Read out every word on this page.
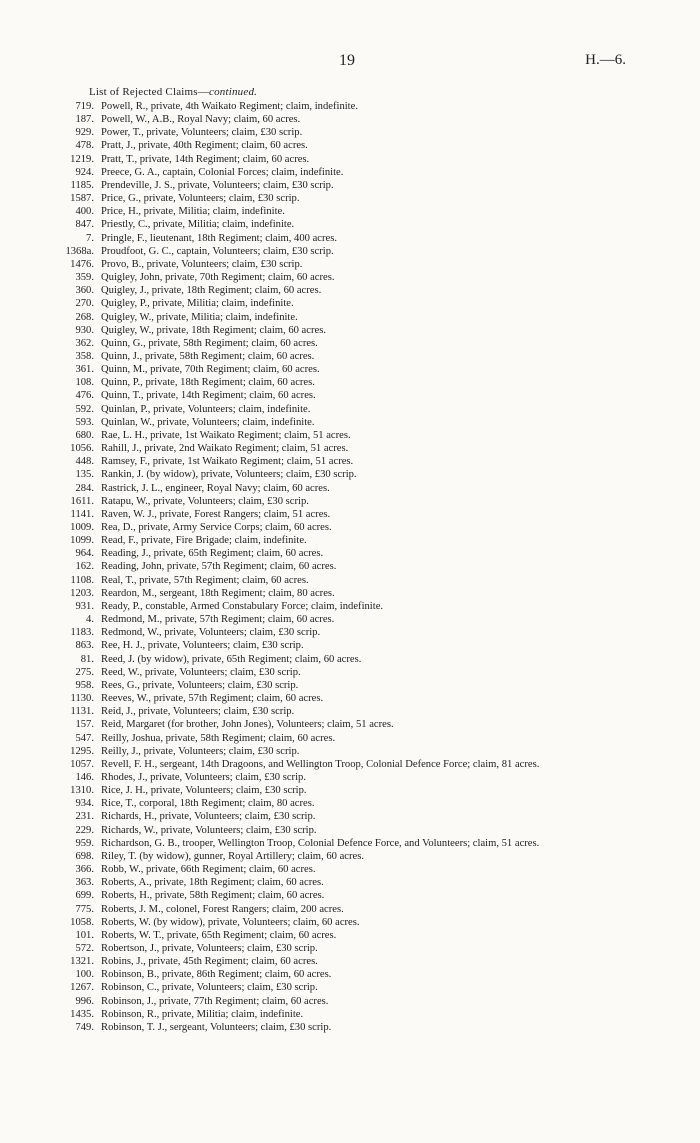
19	H.—6.
List of Rejected Claims—continued.
719. Powell, R., private, 4th Waikato Regiment; claim, indefinite.
187. Powell, W., A.B., Royal Navy; claim, 60 acres.
929. Power, T., private, Volunteers; claim, £30 scrip.
478. Pratt, J., private, 40th Regiment; claim, 60 acres.
1219. Pratt, T., private, 14th Regiment; claim, 60 acres.
924. Preece, G. A., captain, Colonial Forces; claim, indefinite.
1185. Prendeville, J. S., private, Volunteers; claim, £30 scrip.
1587. Price, G., private, Volunteers; claim, £30 scrip.
400. Price, H., private, Militia; claim, indefinite.
847. Priestly, C., private, Militia; claim, indefinite.
7. Pringle, F., lieutenant, 18th Regiment; claim, 400 acres.
1368a. Proudfoot, G. C., captain, Volunteers; claim, £30 scrip.
1476. Provo, B., private, Volunteers; claim, £30 scrip.
359. Quigley, John, private, 70th Regiment; claim, 60 acres.
360. Quigley, J., private, 18th Regiment; claim, 60 acres.
270. Quigley, P., private, Militia; claim, indefinite.
268. Quigley, W., private, Militia; claim, indefinite.
930. Quigley, W., private, 18th Regiment; claim, 60 acres.
362. Quinn, G., private, 58th Regiment; claim, 60 acres.
358. Quinn, J., private, 58th Regiment; claim, 60 acres.
361. Quinn, M., private, 70th Regiment; claim, 60 acres.
108. Quinn, P., private, 18th Regiment; claim, 60 acres.
476. Quinn, T., private, 14th Regiment; claim, 60 acres.
592. Quinlan, P., private, Volunteers; claim, indefinite.
593. Quinlan, W., private, Volunteers; claim, indefinite.
680. Rae, L. H., private, 1st Waikato Regiment; claim, 51 acres.
1056. Rahill, J., private, 2nd Waikato Regiment; claim, 51 acres.
448. Ramsey, F., private, 1st Waikato Regiment; claim, 51 acres.
135. Rankin, J. (by widow), private, Volunteers; claim, £30 scrip.
284. Rastrick, J. L., engineer, Royal Navy; claim, 60 acres.
1611. Ratapu, W., private, Volunteers; claim, £30 scrip.
1141. Raven, W. J., private, Forest Rangers; claim, 51 acres.
1009. Rea, D., private, Army Service Corps; claim, 60 acres.
1099. Read, F., private, Fire Brigade; claim, indefinite.
964. Reading, J., private, 65th Regiment; claim, 60 acres.
162. Reading, John, private, 57th Regiment; claim, 60 acres.
1108. Real, T., private, 57th Regiment; claim, 60 acres.
1203. Reardon, M., sergeant, 18th Regiment; claim, 80 acres.
931. Ready, P., constable, Armed Constabulary Force; claim, indefinite.
4. Redmond, M., private, 57th Regiment; claim, 60 acres.
1183. Redmond, W., private, Volunteers; claim, £30 scrip.
863. Ree, H. J., private, Volunteers; claim, £30 scrip.
81. Reed, J. (by widow), private, 65th Regiment; claim, 60 acres.
275. Reed, W., private, Volunteers; claim, £30 scrip.
958. Rees, G., private, Volunteers; claim, £30 scrip.
1130. Reeves, W., private, 57th Regiment; claim, 60 acres.
1131. Reid, J., private, Volunteers; claim, £30 scrip.
157. Reid, Margaret (for brother, John Jones), Volunteers; claim, 51 acres.
547. Reilly, Joshua, private, 58th Regiment; claim, 60 acres.
1295. Reilly, J., private, Volunteers; claim, £30 scrip.
1057. Revell, F. H., sergeant, 14th Dragoons, and Wellington Troop, Colonial Defence Force; claim, 81 acres.
146. Rhodes, J., private, Volunteers; claim, £30 scrip.
1310. Rice, J. H., private, Volunteers; claim, £30 scrip.
934. Rice, T., corporal, 18th Regiment; claim, 80 acres.
231. Richards, H., private, Volunteers; claim, £30 scrip.
229. Richards, W., private, Volunteers; claim, £30 scrip.
959. Richardson, G. B., trooper, Wellington Troop, Colonial Defence Force, and Volunteers; claim, 51 acres.
698. Riley, T. (by widow), gunner, Royal Artillery; claim, 60 acres.
366. Robb, W., private, 66th Regiment; claim, 60 acres.
363. Roberts, A., private, 18th Regiment; claim, 60 acres.
699. Roberts, H., private, 58th Regiment; claim, 60 acres.
775. Roberts, J. M., colonel, Forest Rangers; claim, 200 acres.
1058. Roberts, W. (by widow), private, Volunteers; claim, 60 acres.
101. Roberts, W. T., private, 65th Regiment; claim, 60 acres.
572. Robertson, J., private, Volunteers; claim, £30 scrip.
1321. Robins, J., private, 45th Regiment; claim, 60 acres.
100. Robinson, B., private, 86th Regiment; claim, 60 acres.
1267. Robinson, C., private, Volunteers; claim, £30 scrip.
996. Robinson, J., private, 77th Regiment; claim, 60 acres.
1435. Robinson, R., private, Militia; claim, indefinite.
749. Robinson, T. J., sergeant, Volunteers; claim, £30 scrip.
